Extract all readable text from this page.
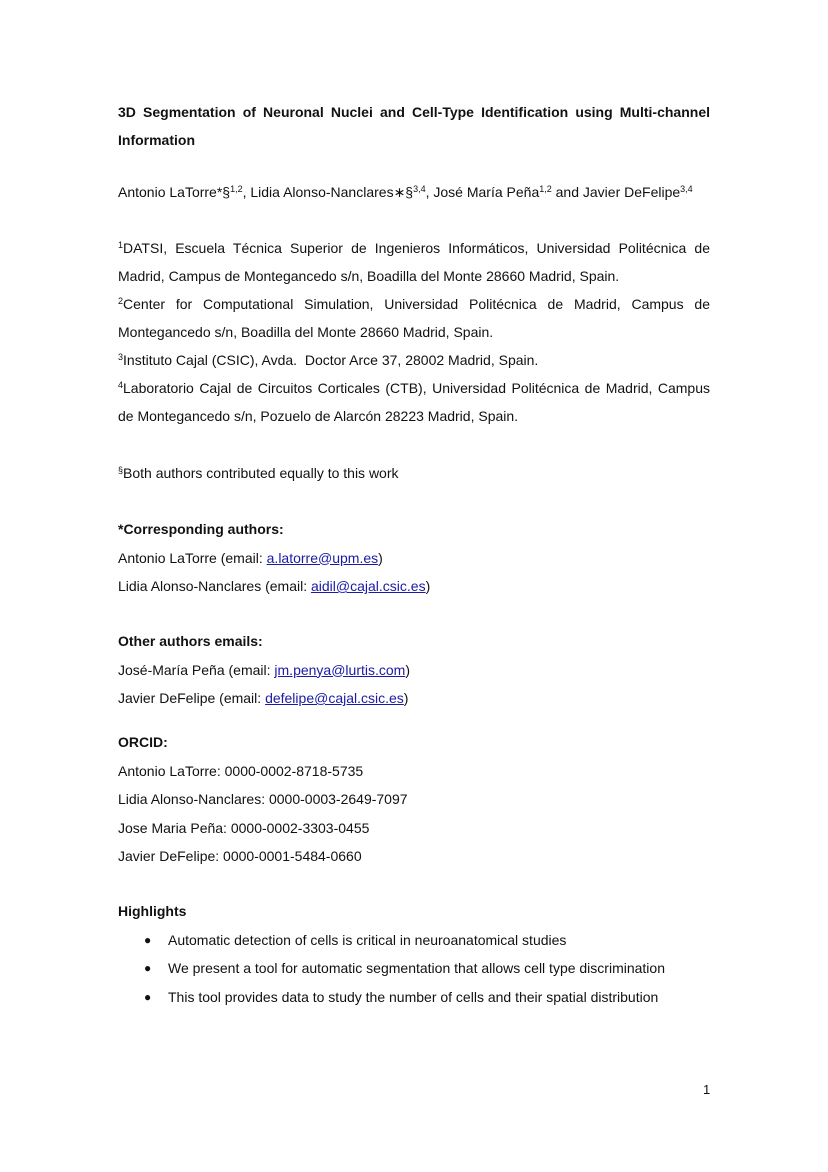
3D Segmentation of Neuronal Nuclei and Cell-Type Identification using Multi-channel Information
Antonio LaTorre*§$^{1,2}$, Lidia Alonso-Nanclares∗§$^{3,4}$, José María Peña$^{1,2}$ and Javier DeFelipe$^{3,4}$
$^1$DATSI, Escuela Técnica Superior de Ingenieros Informáticos, Universidad Politécnica de Madrid, Campus de Montegancedo s/n, Boadilla del Monte 28660 Madrid, Spain.
$^2$Center for Computational Simulation, Universidad Politécnica de Madrid, Campus de Montegancedo s/n, Boadilla del Monte 28660 Madrid, Spain.
$^3$Instituto Cajal (CSIC), Avda.  Doctor Arce 37, 28002 Madrid, Spain.
$^4$Laboratorio Cajal de Circuitos Corticales (CTB), Universidad Politécnica de Madrid, Campus de Montegancedo s/n, Pozuelo de Alarcón 28223 Madrid, Spain.
§Both authors contributed equally to this work
*Corresponding authors:
Antonio LaTorre (email: a.latorre@upm.es)
Lidia Alonso-Nanclares (email: aidil@cajal.csic.es)
Other authors emails:
José-María Peña (email: jm.penya@lurtis.com)
Javier DeFelipe (email: defelipe@cajal.csic.es)
ORCID:
Antonio LaTorre: 0000-0002-8718-5735
Lidia Alonso-Nanclares: 0000-0003-2649-7097
Jose Maria Peña: 0000-0002-3303-0455
Javier DeFelipe: 0000-0001-5484-0660
Highlights
● Automatic detection of cells is critical in neuroanatomical studies
● We present a tool for automatic segmentation that allows cell type discrimination
● This tool provides data to study the number of cells and their spatial distribution
1
